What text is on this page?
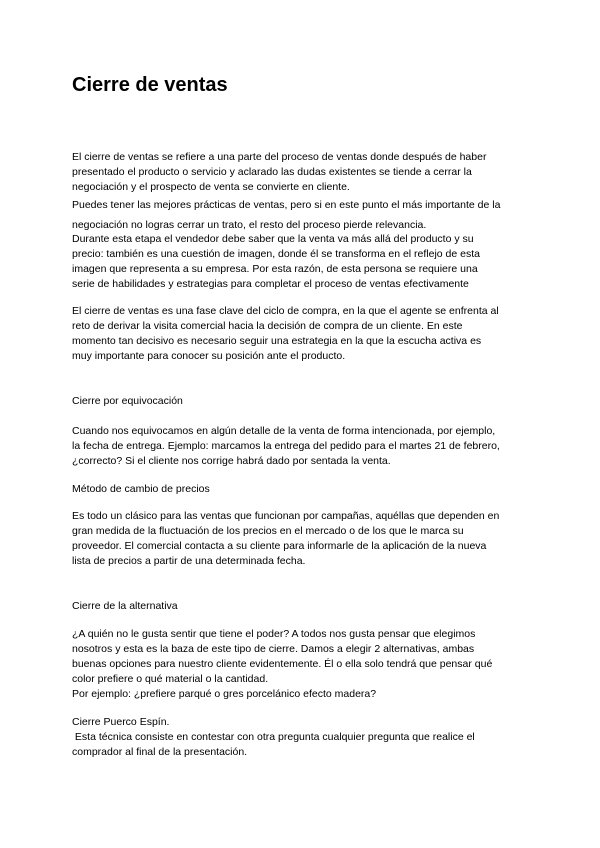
Cierre de ventas

El cierre de ventas se refiere a una parte del proceso de ventas donde después de haber
presentado el producto o servicio y aclarado las dudas existentes se tiende a cerrar la
negociación y el prospecto de venta se convierte en cliente.

Puedes tener las mejores prácticas de ventas, pero si en este punto el más importante de la
negociación no logras cerrar un trato, el resto del proceso pierde relevancia.

Durante esta etapa el vendedor debe saber que la venta va más allá del producto y su
precio: también es una cuestión de imagen, donde él se transforma en el reflejo de esta
imagen que representa a su empresa. Por esta razón, de esta persona se requiere una
serie de habilidades y estrategias para completar el proceso de ventas efectivamente

El cierre de ventas es una fase clave del ciclo de compra, en la que el agente se enfrenta al
reto de derivar la visita comercial hacia la decisión de compra de un cliente. En este
momento tan decisivo es necesario seguir una estrategia en la que la escucha activa es
muy importante para conocer su posición ante el producto.

Cierre por equivocación

Cuando nos equivocamos en algún detalle de la venta de forma intencionada, por ejemplo,
la fecha de entrega. Ejemplo: marcamos la entrega del pedido para el martes 21 de febrero,
¿correcto? Si el cliente nos corrige habrá dado por sentada la venta.

Método de cambio de precios

Es todo un clásico para las ventas que funcionan por campañas, aquéllas que dependen en
gran medida de la fluctuación de los precios en el mercado o de los que le marca su
proveedor. El comercial contacta a su cliente para informarle de la aplicación de la nueva
lista de precios a partir de una determinada fecha.

Cierre de la alternativa

¿A quién no le gusta sentir que tiene el poder? A todos nos gusta pensar que elegimos
nosotros y esta es la baza de este tipo de cierre. Damos a elegir 2 alternativas, ambas
buenas opciones para nuestro cliente evidentemente. Él o ella solo tendrá que pensar qué
color prefiere o qué material o la cantidad.
Por ejemplo: ¿prefiere parqué o gres porcelánico efecto madera?

Cierre Puerco Espín.

Esta técnica consiste en contestar con otra pregunta cualquier pregunta que realice el
comprador al final de la presentación.
